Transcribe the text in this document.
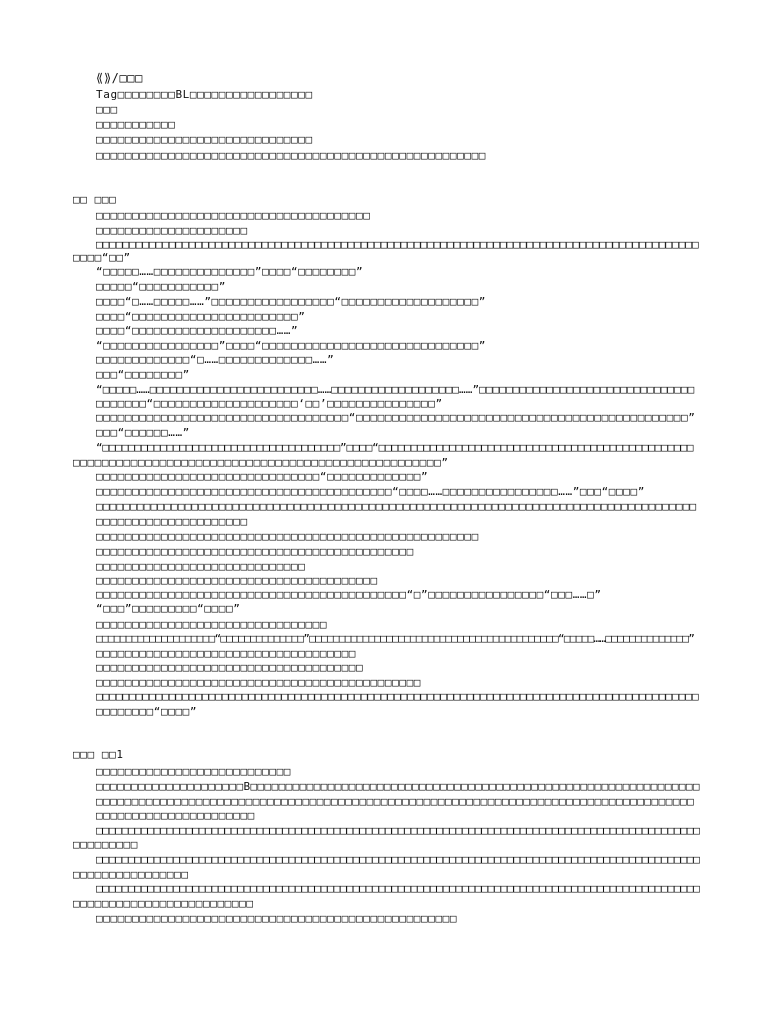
⟪⟫/□□□
Tag□□□□□□□□BL□□□□□□□□□□□□□□□□□
□□□
□□□□□□□□□□□
□□□□□□□□□□□□□□□□□□□□□□□□□□□□□□
□□□□□□□□□□□□□□□□□□□□□□□□□□□□□□□□□□□□□□□□□□□□□□□□□□□□□□
□□ □□□
□□□□□□□□□□□□□□□□□□□□□□□□□□□□□□□□□□□□□□
□□□□□□□□□□□□□□□□□□□□□
□□□□□□□□□□□□□□□□□□□□□□□□□□□□□□□□□□□□□□□□□□□□□□□□□□□□□□□□□□□□□□□□□□□□□□□□□□□□□□□□□□□□□□□□□□□
□□□□“□□”
“□□□□□……□□□□□□□□□□□□□□”□□□□“□□□□□□□□”
□□□□□“□□□□□□□□□□□”
□□□□“□……□□□□□……”□□□□□□□□□□□□□□□□□“□□□□□□□□□□□□□□□□□□□”
□□□□“□□□□□□□□□□□□□□□□□□□□□□□”
□□□□“□□□□□□□□□□□□□□□□□□□□……”
“□□□□□□□□□□□□□□□□”□□□□“□□□□□□□□□□□□□□□□□□□□□□□□□□□□□□”
□□□□□□□□□□□□□“□……□□□□□□□□□□□□□……”
□□□“□□□□□□□□”
“□□□□□……□□□□□□□□□□□□□□□□□□□□□□□□□……□□□□□□□□□□□□□□□□□□□……”□□□□□□□□□□□□□□□□□□□□□□□□□□□□□□□□
□□□□□□□“□□□□□□□□□□□□□□□□□□□□‘□□’□□□□□□□□□□□□□□□”
□□□□□□□□□□□□□□□□□□□□□□□□□□□□□□□□□□□“□□□□□□□□□□□□□□□□□□□□□□□□□□□□□□□□□□□□□□□□□□□□□□”
□□□“□□□□□□……”
“□□□□□□□□□□□□□□□□□□□□□□□□□□□□□□□□□□□□□”□□□□“□□□□□□□□□□□□□□□□□□□□□□□□□□□□□□□□□□□□□□□□□□□□□□□□□
□□□□□□□□□□□□□□□□□□□□□□□□□□□□□□□□□□□□□□□□□□□□□□□□□□□”
□□□□□□□□□□□□□□□□□□□□□□□□□□□□□□□“□□□□□□□□□□□□□”
□□□□□□□□□□□□□□□□□□□□□□□□□□□□□□□□□□□□□□□□□“□□□□……□□□□□□□□□□□□□□□□……”□□□“□□□□”
□□□□□□□□□□□□□□□□□□□□□□□□□□□□□□□□□□□□□□□□□□□□□□□□□□□□□□□□□□□□□□□□□□□□□□□□□□□□□□□□□□□□□□□□
□□□□□□□□□□□□□□□□□□□□□
□□□□□□□□□□□□□□□□□□□□□□□□□□□□□□□□□□□□□□□□□□□□□□□□□□□□□
□□□□□□□□□□□□□□□□□□□□□□□□□□□□□□□□□□□□□□□□□□□□
□□□□□□□□□□□□□□□□□□□□□□□□□□□□□
□□□□□□□□□□□□□□□□□□□□□□□□□□□□□□□□□□□□□□□
□□□□□□□□□□□□□□□□□□□□□□□□□□□□□□□□□□□□□□□□□□□“□”□□□□□□□□□□□□□□□□“□□□……□”
“□□□”□□□□□□□□□“□□□□”
□□□□□□□□□□□□□□□□□□□□□□□□□□□□□□□□
□□□□□□□□□□□□□□□□□□□□“□□□□□□□□□□□□□□”□□□□□□□□□□□□□□□□□□□□□□□□□□□□□□□□□□□□□□□□□□“□□□□□……□□□□□□□□□□□□□□”
□□□□□□□□□□□□□□□□□□□□□□□□□□□□□□□□□□□□
□□□□□□□□□□□□□□□□□□□□□□□□□□□□□□□□□□□□□
□□□□□□□□□□□□□□□□□□□□□□□□□□□□□□□□□□□□□□□□□□□□□
□□□□□□□□□□□□□□□□□□□□□□□□□□□□□□□□□□□□□□□□□□□□□□□□□□□□□□□□□□□□□□□□□□□□□□□□□□□□□□□□□□□□□□□□□□□
□□□□□□□□“□□□□”
□□□ □□1
□□□□□□□□□□□□□□□□□□□□□□□□□□□
□□□□□□□□□□□□□□□□□□□□□B□□□□□□□□□□□□□□□□□□□□□□□□□□□□□□□□□□□□□□□□□□□□□□□□□□□□□□□□□□□□□□□□
□□□□□□□□□□□□□□□□□□□□□□□□□□□□□□□□□□□□□□□□□□□□□□□□□□□□□□□□□□□□□□□□□□□□□□□□□□□□□□□□□□□□
□□□□□□□□□□□□□□□□□□□□□□
□□□□□□□□□□□□□□□□□□□□□□□□□□□□□□□□□□□□□□□□□□□□□□□□□□□□□□□□□□□□□□□□□□□□□□□□□□□□□□□□□□□□□□□□□□□□□□
□□□□□□□□□
□□□□□□□□□□□□□□□□□□□□□□□□□□□□□□□□□□□□□□□□□□□□□□□□□□□□□□□□□□□□□□□□□□□□□□□□□□□□□□□□□□□□□□□□□□□□□□
□□□□□□□□□□□□□□□□
□□□□□□□□□□□□□□□□□□□□□□□□□□□□□□□□□□□□□□□□□□□□□□□□□□□□□□□□□□□□□□□□□□□□□□□□□□□□□□□□□□□□□□□□□□□□□□
□□□□□□□□□□□□□□□□□□□□□□□□□
□□□□□□□□□□□□□□□□□□□□□□□□□□□□□□□□□□□□□□□□□□□□□□□□□□
